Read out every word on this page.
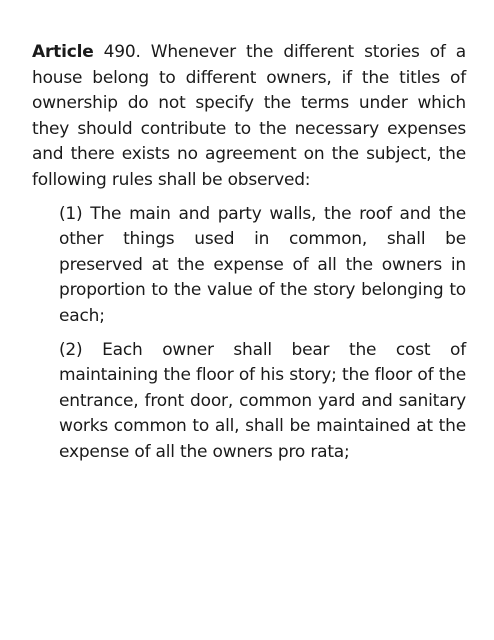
Article 490. Whenever the different stories of a house belong to different owners, if the titles of ownership do not specify the terms under which they should contribute to the necessary expenses and there exists no agreement on the subject, the following rules shall be observed:

(1) The main and party walls, the roof and the other things used in common, shall be preserved at the expense of all the owners in proportion to the value of the story belonging to each;

(2) Each owner shall bear the cost of maintaining the floor of his story; the floor of the entrance, front door, common yard and sanitary works common to all, shall be maintained at the expense of all the owners pro rata;
